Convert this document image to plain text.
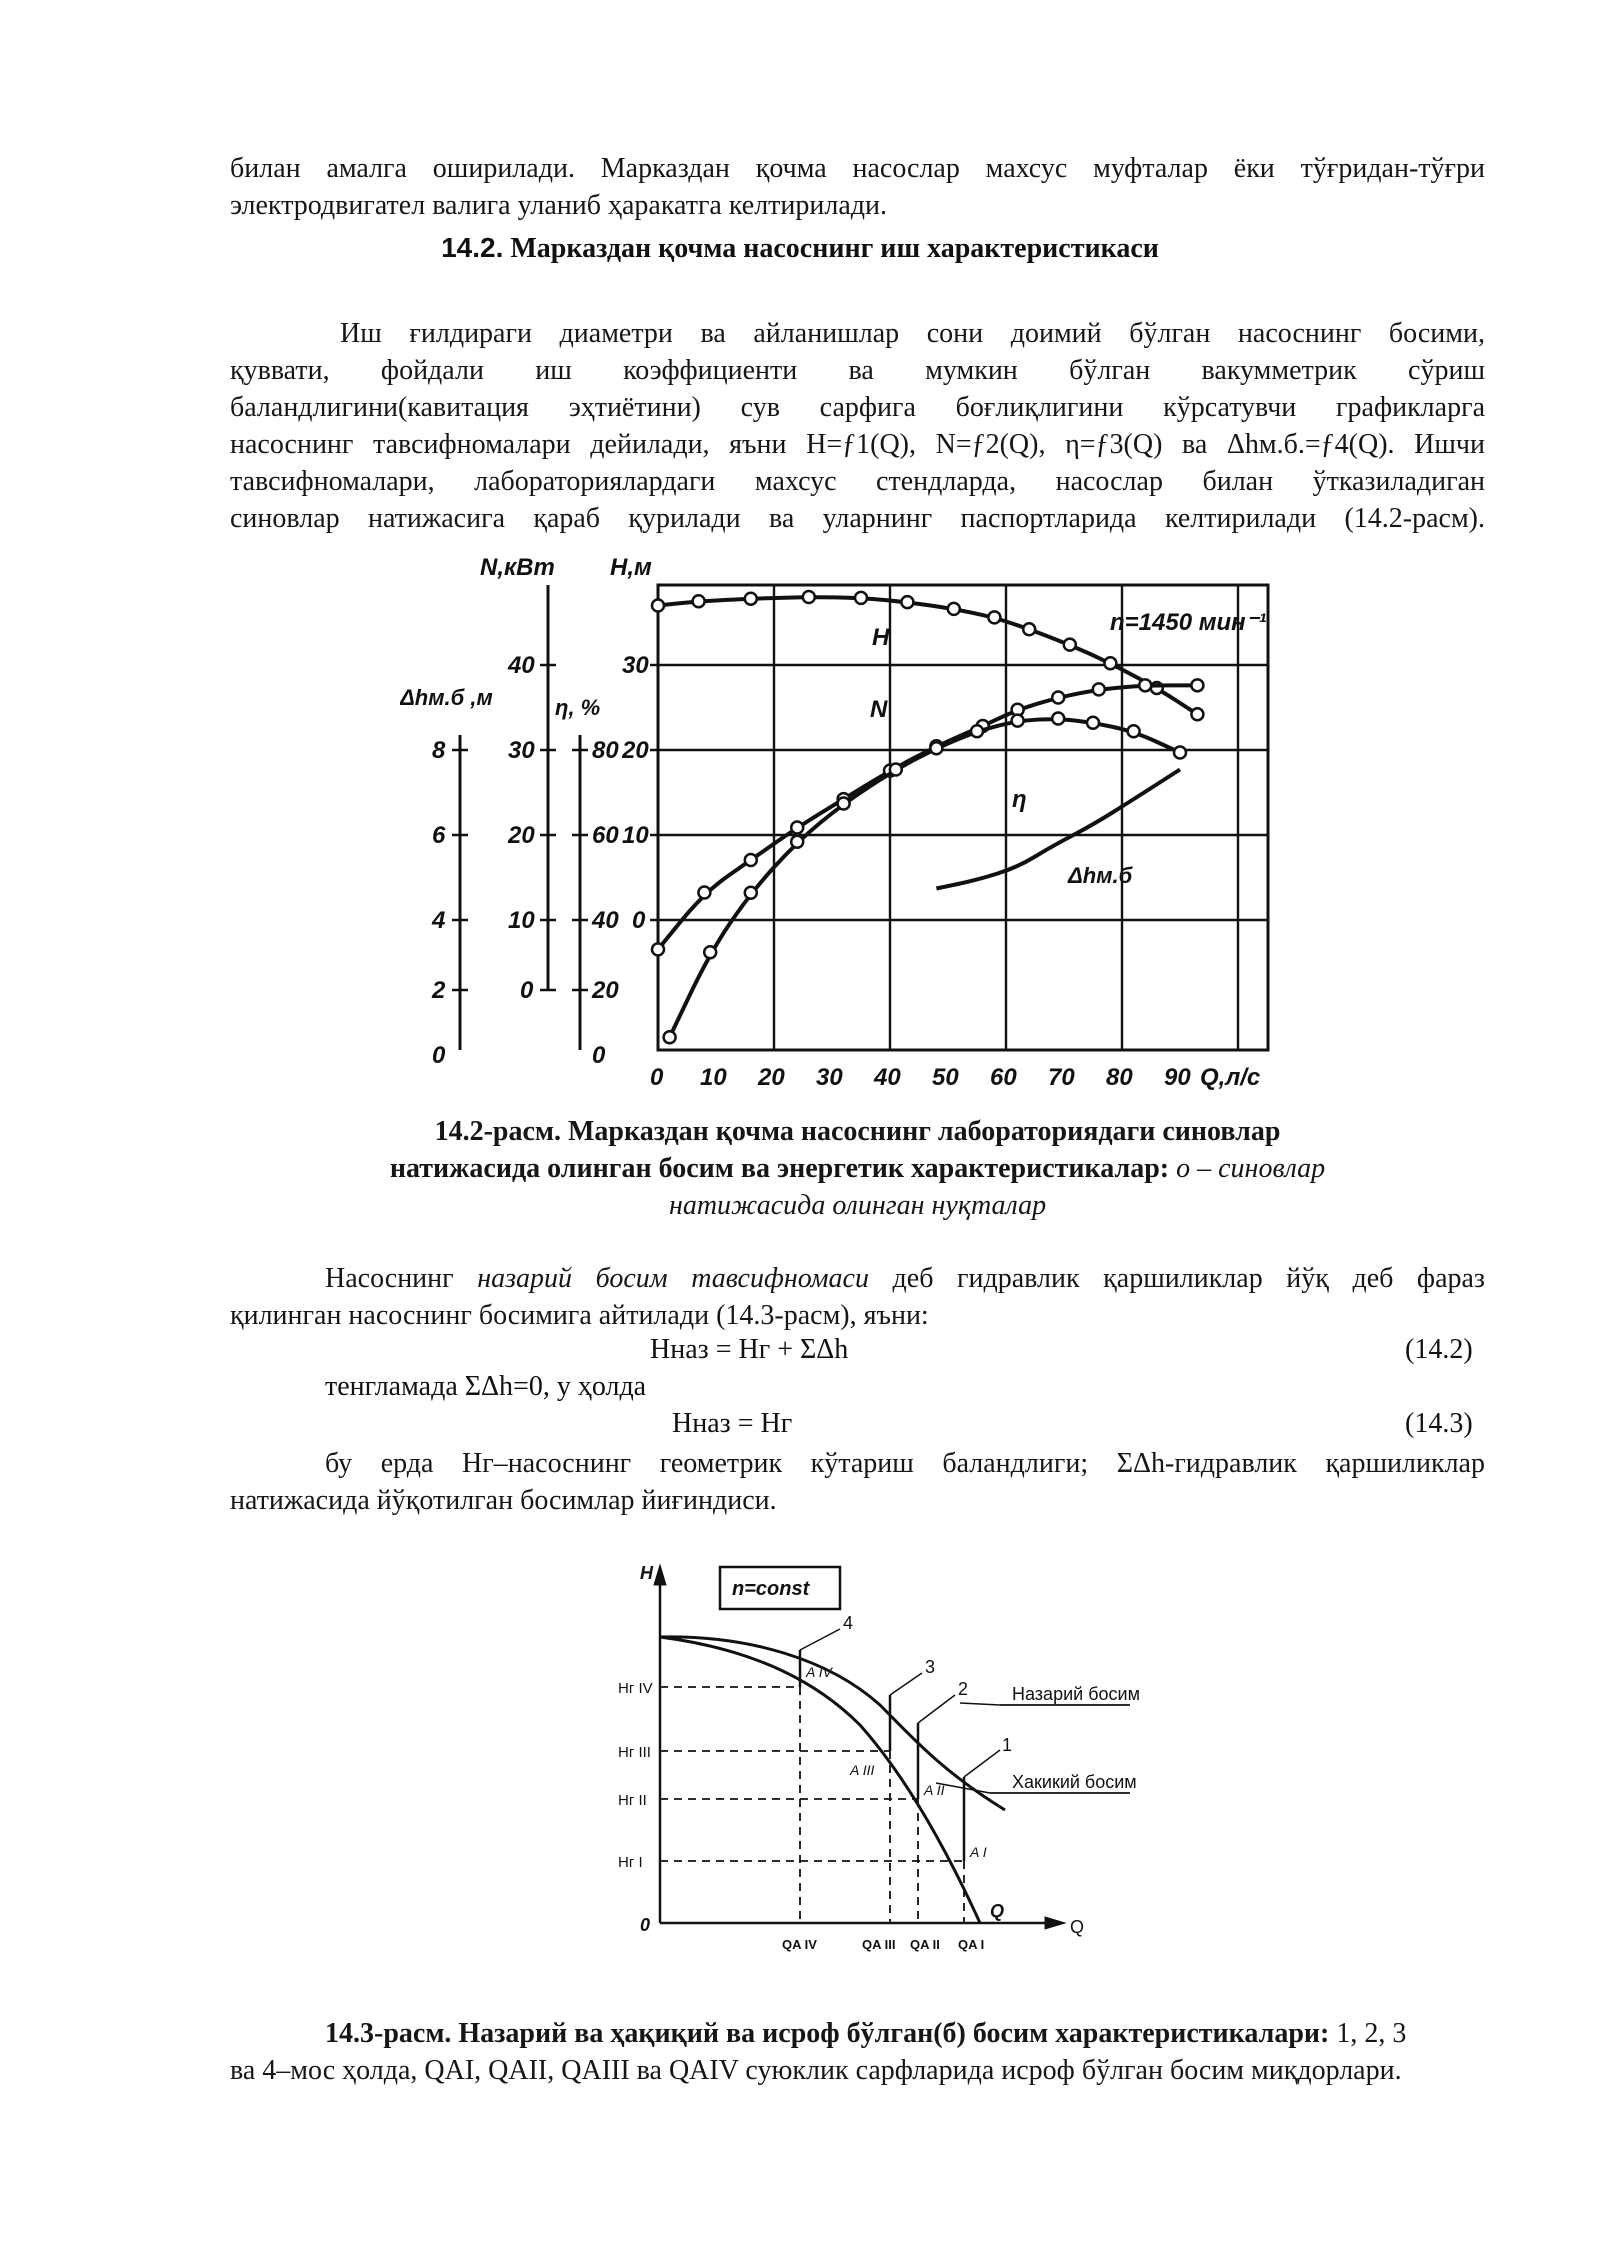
билан амалга оширилади. Марказдан қочма насослар махсус муфталар ёки тўғридан-тўғри
электродвигател валига уланиб ҳаракатга келтирилади.
14.2. Марказдан қочма насоснинг иш характеристикаси
Иш ғилдираги диаметри ва айланишлар сони доимий бўлган насоснинг босими,
қуввати, фойдали иш коэффициенти ва мумкин бўлган вакумметрик сўриш
баландлигини(кавитация эҳтиётини) сув сарфига боғлиқлигини кўрсатувчи графикларга
насоснинг тавсифномалари дейилади, яъни H=ƒ1(Q), N=ƒ2(Q), η=ƒ3(Q) ва Δhм.б.=ƒ4(Q). Ишчи
тавсифномалари, лабораториялардаги махсус стендларда, насослар билан ўтказиладиган
синовлар натижасига қараб қурилади ва уларнинг паспортларида келтирилади (14.2-расм).
N,кВт H,м
Δhм.б ,м	η, %
n=1450 мин⁻¹
H
N
η
Δhм.б
40
30
20
10
0
8
6
4
2
0
80
60
40
20
0
30
20
10
0
0 10 20 30 40 50 60 70 80 90 Q,л/с
14.2-расм. Марказдан қочма насоснинг лабораториядаги синовлар
натижасида олинган босим ва энергетик характеристикалар: о – синовлар
натижасида олинган нуқталар
Насоснинг назарий босим тавсифномаси деб гидравлик қаршиликлар йўқ деб фараз
қилинган насоснинг босимига айтилади (14.3-расм), яъни:
Hназ = Hг + ΣΔh	(14.2)
тенгламада ΣΔh=0, у ҳолда
Hназ = Hг	(14.3)
бу ерда Hг–насоснинг геометрик кўтариш баландлиги; ΣΔh-гидравлик қаршиликлар
натижасида йўқотилган босимлар йиғиндиси.
H
Q
0
Q
n=const
Назарий босим
Хакикий босим
1
2
3
4
Hг IV
Hг III
Hг II
Hг I
A IV
A III
A II
A I
QA IV	QA III QA II QA I
14.3-расм. Назарий ва ҳақиқий ва исроф бўлган(б) босим характеристикалари: 1, 2, 3
ва 4–мос ҳолда, QAI, QAII, QAIII ва QAIV суюклик сарфларида исроф бўлган босим миқдорлари.
